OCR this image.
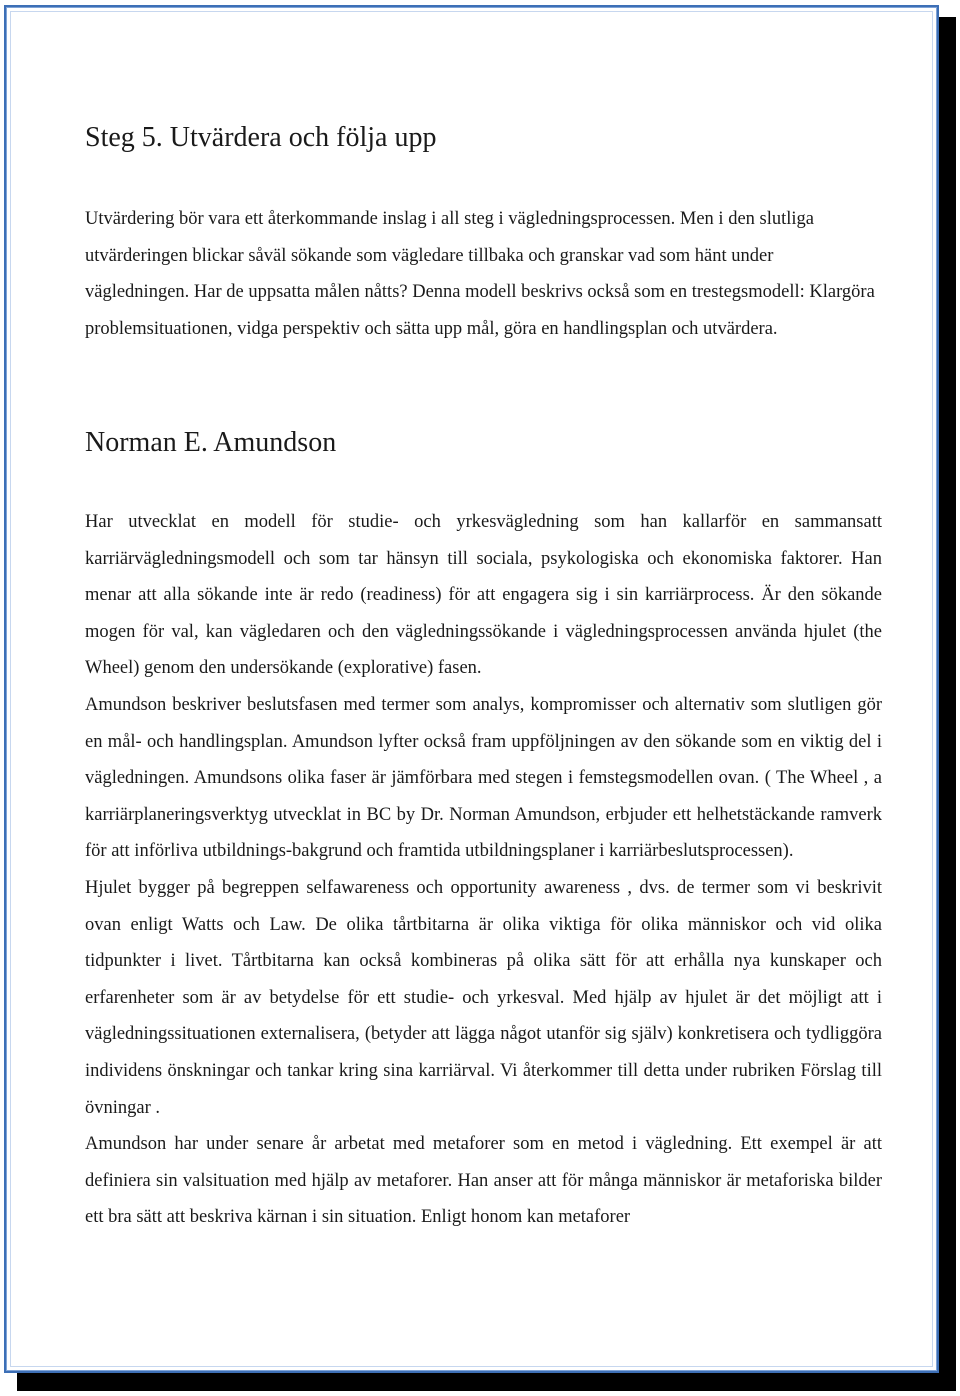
Steg 5. Utvärdera och följa upp

Utvärdering bör vara ett återkommande inslag i all steg i vägledningsprocessen. Men i den slutliga utvärderingen blickar såväl sökande som vägledare tillbaka och granskar vad som hänt under vägledningen. Har de uppsatta målen nåtts? Denna modell beskrivs också som en trestegsmodell: Klargöra problemsituationen, vidga perspektiv och sätta upp mål, göra en handlingsplan och utvärdera.

Norman E. Amundson
Har utvecklat en modell för studie- och yrkesvägledning som han kallarför en sammansatt karriärvägledningsmodell och som tar hänsyn till sociala, psykologiska och ekonomiska faktorer. Han menar att alla sökande inte är redo (readiness) för att engagera sig i sin karriärprocess. Är den sökande mogen för val, kan vägledaren och den vägledningssökande i vägledningsprocessen använda hjulet (the Wheel) genom den undersökande (explorative) fasen.
Amundson beskriver beslutsfasen med termer som analys, kompromisser och alternativ som slutligen gör en mål- och handlingsplan. Amundson lyfter också fram uppföljningen av den sökande som en viktig del i vägledningen. Amundsons olika faser är jämförbara med stegen i femstegsmodellen ovan. ( The Wheel , a karriärplaneringsverktyg utvecklat in BC by Dr. Norman Amundson, erbjuder ett helhetstäckande ramverk för att införliva utbildnings-bakgrund och framtida utbildningsplaner i karriärbeslutsprocessen).
Hjulet bygger på begreppen selfawareness och opportunity awareness , dvs. de termer som vi beskrivit ovan enligt Watts och Law. De olika tårtbitarna är olika viktiga för olika människor och vid olika tidpunkter i livet. Tårtbitarna kan också kombineras på olika sätt för att erhålla nya kunskaper och erfarenheter som är av betydelse för ett studie- och yrkesval. Med hjälp av hjulet är det möjligt att i vägledningssituationen externalisera, (betyder att lägga något utanför sig själv) konkretisera och tydliggöra individens önskningar och tankar kring sina karriärval. Vi återkommer till detta under rubriken Förslag till övningar .
Amundson har under senare år arbetat med metaforer som en metod i vägledning. Ett exempel är att definiera sin valsituation med hjälp av metaforer. Han anser att för många människor är metaforiska bilder ett bra sätt att beskriva kärnan i sin situation. Enligt honom kan metaforer
